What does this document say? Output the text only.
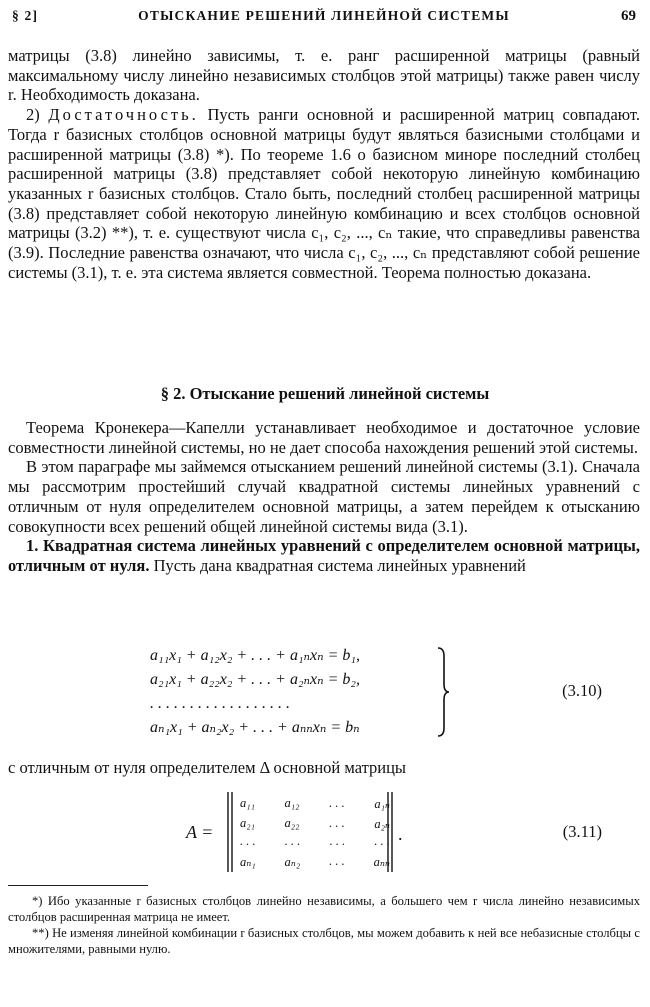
§ 2]	ОТЫСКАНИЕ РЕШЕНИЙ ЛИНЕЙНОЙ СИСТЕМЫ	69

матрицы (3.8) линейно зависимы, т. е. ранг расширенной матрицы (равный максимальному числу линейно независимых столбцов этой матрицы) также равен числу r. Необходимость доказана.

2) Достаточность. Пусть ранги основной и расширенной матриц совпадают. Тогда r базисных столбцов основной матрицы будут являться базисными столбцами и расширенной матрицы (3.8) *). По теореме 1.6 о базисном миноре последний столбец расширенной матрицы (3.8) представляет собой некоторую линейную комбинацию указанных r базисных столбцов. Стало быть, последний столбец расширенной матрицы (3.8) представляет собой некоторую линейную комбинацию и всех столбцов основной матрицы (3.2) **), т. е. существуют числа c₁, c₂, ..., cₙ такие, что справедливы равенства (3.9). Последние равенства означают, что числа c₁, c₂, ..., cₙ представляют собой решение системы (3.1), т. е. эта система является совместной. Теорема полностью доказана.

§ 2. Отыскание решений линейной системы

Теорема Кронекера—Капелли устанавливает необходимое и достаточное условие совместности линейной системы, но не дает способа нахождения решений этой системы.

В этом параграфе мы займемся отысканием решений линейной системы (3.1). Сначала мы рассмотрим простейший случай квадратной системы линейных уравнений с отличным от нуля определителем основной матрицы, а затем перейдем к отысканию совокупности всех решений общей линейной системы вида (3.1).

1. Квадратная система линейных уравнений с определителем основной матрицы, отличным от нуля. Пусть дана квадратная система линейных уравнений

a₁₁x₁ + a₁₂x₂ + . . . + a₁ₙxₙ = b₁,
a₂₁x₁ + a₂₂x₂ + . . . + a₂ₙxₙ = b₂,
. . . . . . . . . . . . . . . . . .
aₙ₁x₁ + aₙ₂x₂ + . . . + aₙₙxₙ = bₙ
(3.10)
с отличным от нуля определителем Δ основной матрицы
A =
a₁₁ a₁₂ . . . a₁ₙ
a₂₁ a₂₂ . . . a₂ₙ
. . . . . . . . . . . .
aₙ₁ aₙ₂ . . . aₙₙ
.	(3.11)

*) Ибо указанные r базисных столбцов линейно независимы, а большего чем r числа линейно независимых столбцов расширенная матрица не имеет.

**) Не изменяя линейной комбинации r базисных столбцов, мы можем добавить к ней все небазисные столбцы с множителями, равными нулю.
